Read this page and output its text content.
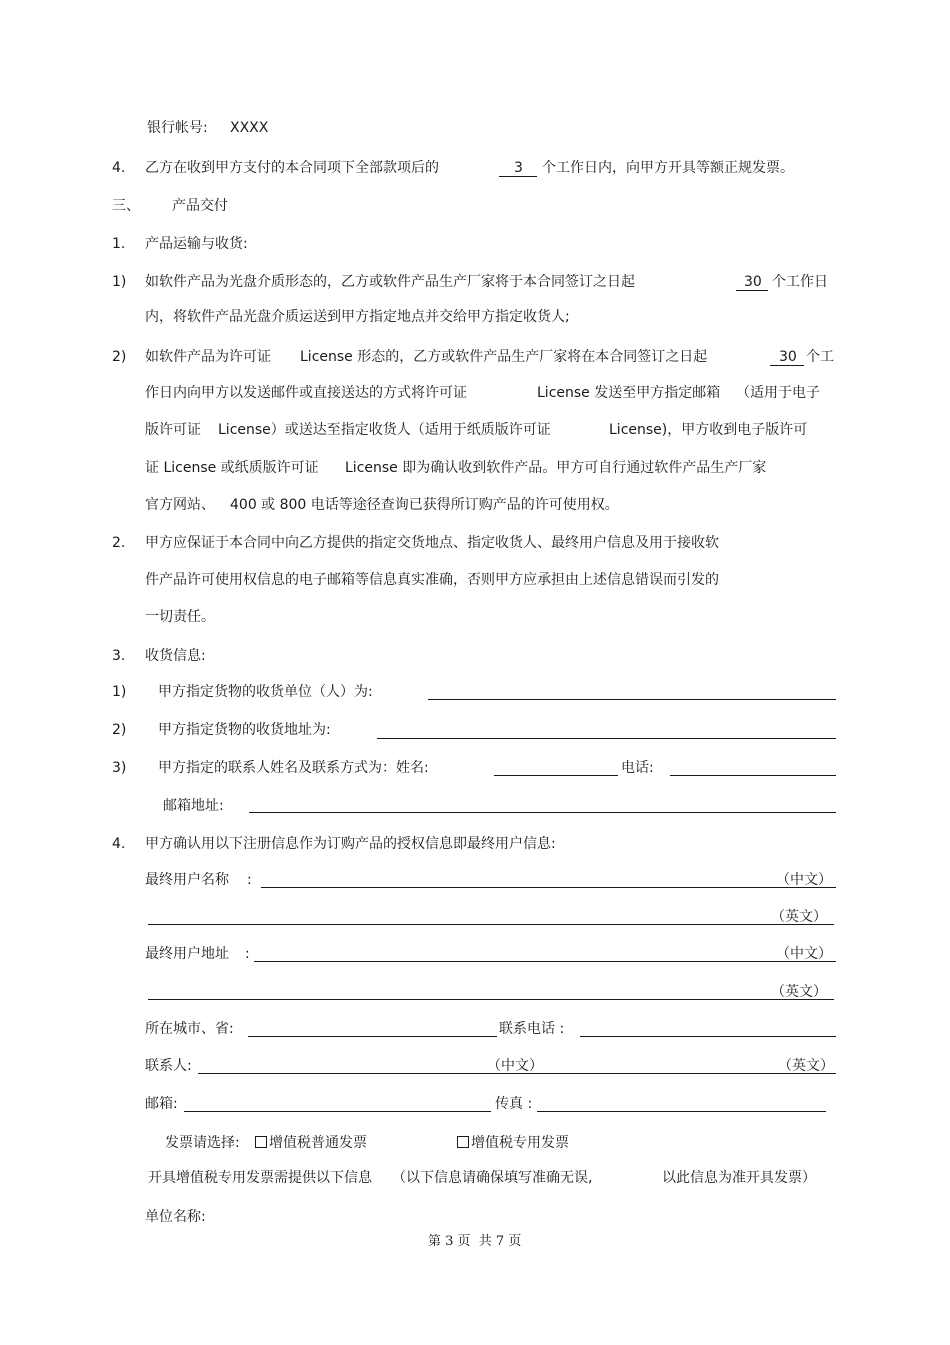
银行帐号: XXXX
4. 乙方在收到甲方支付的本合同项下全部款项后的	3 个工作日内，向甲方开具等额正规发票。
三、 产品交付
1. 产品运输与收货:
1) 如软件产品为光盘介质形态的，乙方或软件产品生产厂家将于本合同签订之日起	30 个工作日
内，将软件产品光盘介质运送到甲方指定地点并交给甲方指定收货人;
2) 如软件产品为许可证 License 形态的，乙方或软件产品生产厂家将在本合同签订之日起	30 个工
作日内向甲方以发送邮件或直接送达的方式将许可证	License 发送至甲方指定邮箱 （适用于电子
版许可证 License）或送达至指定收货人（适用于纸质版许可证	License)，甲方收到电子版许可
证 License 或纸质版许可证 License 即为确认收到软件产品。甲方可自行通过软件产品生产厂家
官方网站、 400 或 800 电话等途径查询已获得所订购产品的许可使用权。
2. 甲方应保证于本合同中向乙方提供的指定交货地点、指定收货人、最终用户信息及用于接收软
件产品许可使用权信息的电子邮箱等信息真实准确，否则甲方应承担由上述信息错误而引发的
一切责任。
3. 收货信息:
1) 甲方指定货物的收货单位（人）为:
2) 甲方指定货物的收货地址为:
3) 甲方指定的联系人姓名及联系方式为：姓名:	电话:
邮箱地址:
4. 甲方确认用以下注册信息作为订购产品的授权信息即最终用户信息:
最终用户名称 :	（中文）
（英文）
最终用户地址 :	（中文）
（英文）
所在城市、省:	联系电话 :
联系人:	（中文）	（英文）
邮箱:	传真 :
发票请选择:	增值税普通发票	增值税专用发票
开具增值税专用发票需提供以下信息 （以下信息请确保填写准确无误,	以此信息为准开具发票）
单位名称:
第 3 页  共 7 页
